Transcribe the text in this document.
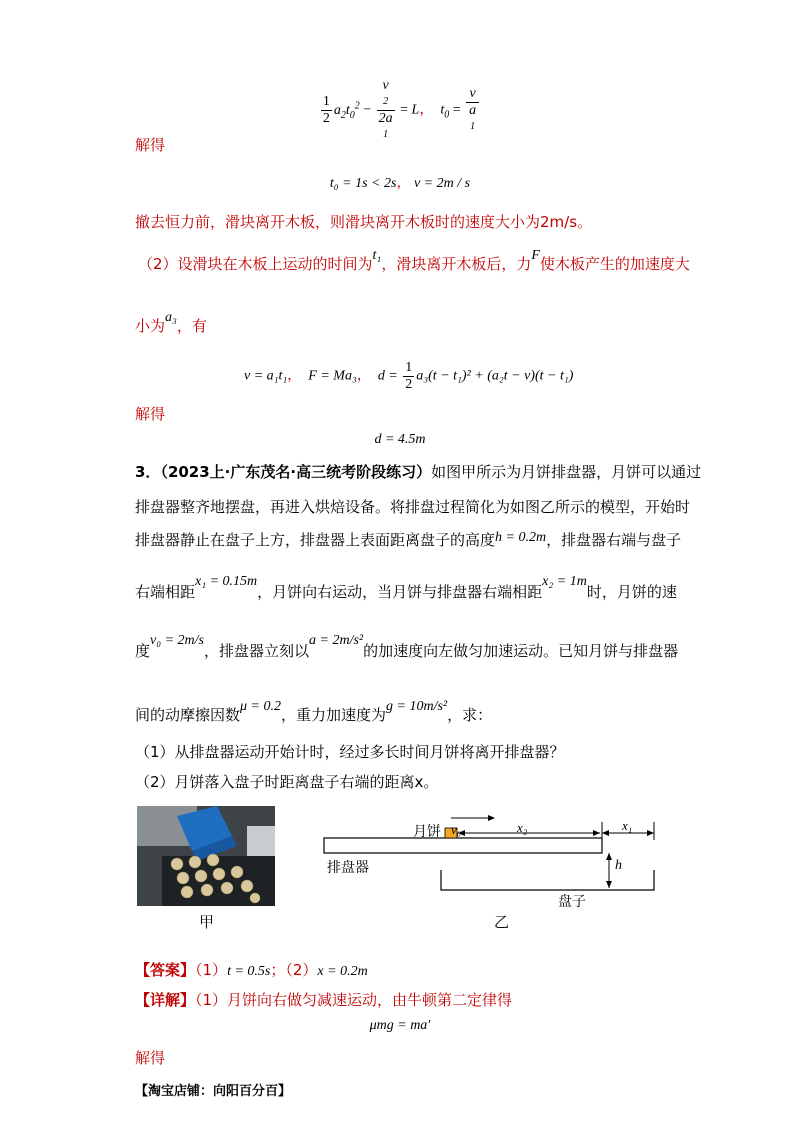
$\frac{1}{2} a_2t_0^2 - v$
2
2a
1 = L，  $t_0 = v$
a
1
解得
t₀ = 1s < 2s， v = 2m / s
撤去恒力前，滑块离开木板，则滑块离开木板时的速度大小为2m/s。
（2）设滑块在木板上运动的时间为t₁，滑块离开木板后，力F使木板产生的加速度大
小为a₃，有
v = a₁t₁， F = Ma₃， $d = \frac{1}{2} a_3(t - t_1)^2 + (a_2t - v)(t - t_1)$
解得
d = 4.5m
3．（2023上·广东茂名·高三统考阶段练习）如图甲所示为月饼排盘器，月饼可以通过
排盘器整齐地摆盘，再进入烘焙设备。将排盘过程简化为如图乙所示的模型，开始时
排盘器静止在盘子上方，排盘器上表面距离盘子的高度h = 0.2m，排盘器右端与盘子
右端相距x₁ = 0.15m，月饼向右运动，当月饼与排盘器右端相距x₂ = 1m时，月饼的速
度v₀ = 2m/s，排盘器立刻以a = 2m/s²的加速度向左做匀加速运动。已知月饼与排盘器
间的动摩擦因数μ = 0.2，重力加速度为g = 10m/s²，求：
（1）从排盘器运动开始计时，经过多长时间月饼将离开排盘器？
（2）月饼落入盘子时距离盘子右端的距离x。
甲
v₀
月饼	x₂	x₁
h
排盘器
盘子
乙
【答案】（1）t = 0.5s；（2）x = 0.2m
【详解】（1）月饼向右做匀减速运动，由牛顿第二定律得
μmg = ma′
解得
【淘宝店铺：向阳百分百】
